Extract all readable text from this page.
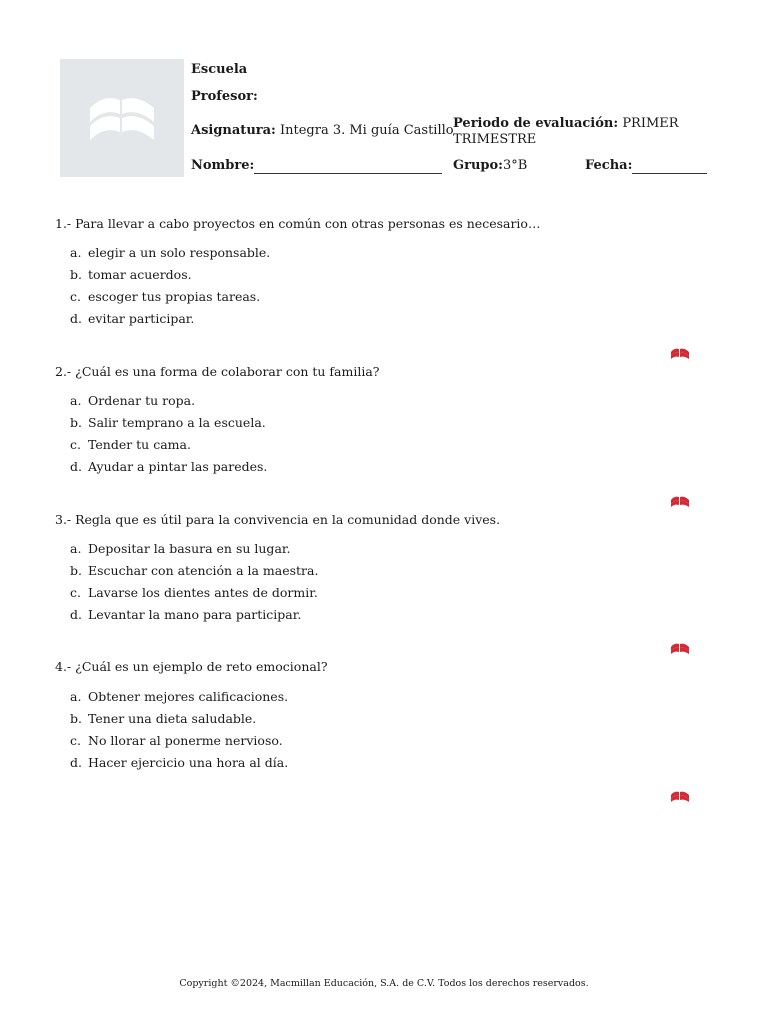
Escuela
Profesor:
Asignatura: Integra 3. Mi guía Castillo Periodo de evaluación: PRIMER
TRIMESTRE
Nombre:	Grupo:3°B	Fecha:
1.- Para llevar a cabo proyectos en común con otras personas es necesario…
a. elegir a un solo responsable.
b. tomar acuerdos.
c. escoger tus propias tareas.
d. evitar participar.
2.- ¿Cuál es una forma de colaborar con tu familia?
a. Ordenar tu ropa.
b. Salir temprano a la escuela.
c. Tender tu cama.
d. Ayudar a pintar las paredes.
3.- Regla que es útil para la convivencia en la comunidad donde vives.
a. Depositar la basura en su lugar.
b. Escuchar con atención a la maestra.
c. Lavarse los dientes antes de dormir.
d. Levantar la mano para participar.
4.- ¿Cuál es un ejemplo de reto emocional?
a. Obtener mejores calificaciones.
b. Tener una dieta saludable.
c. No llorar al ponerme nervioso.
d. Hacer ejercicio una hora al día.
Copyright ©2024, Macmillan Educación, S.A. de C.V. Todos los derechos reservados.
